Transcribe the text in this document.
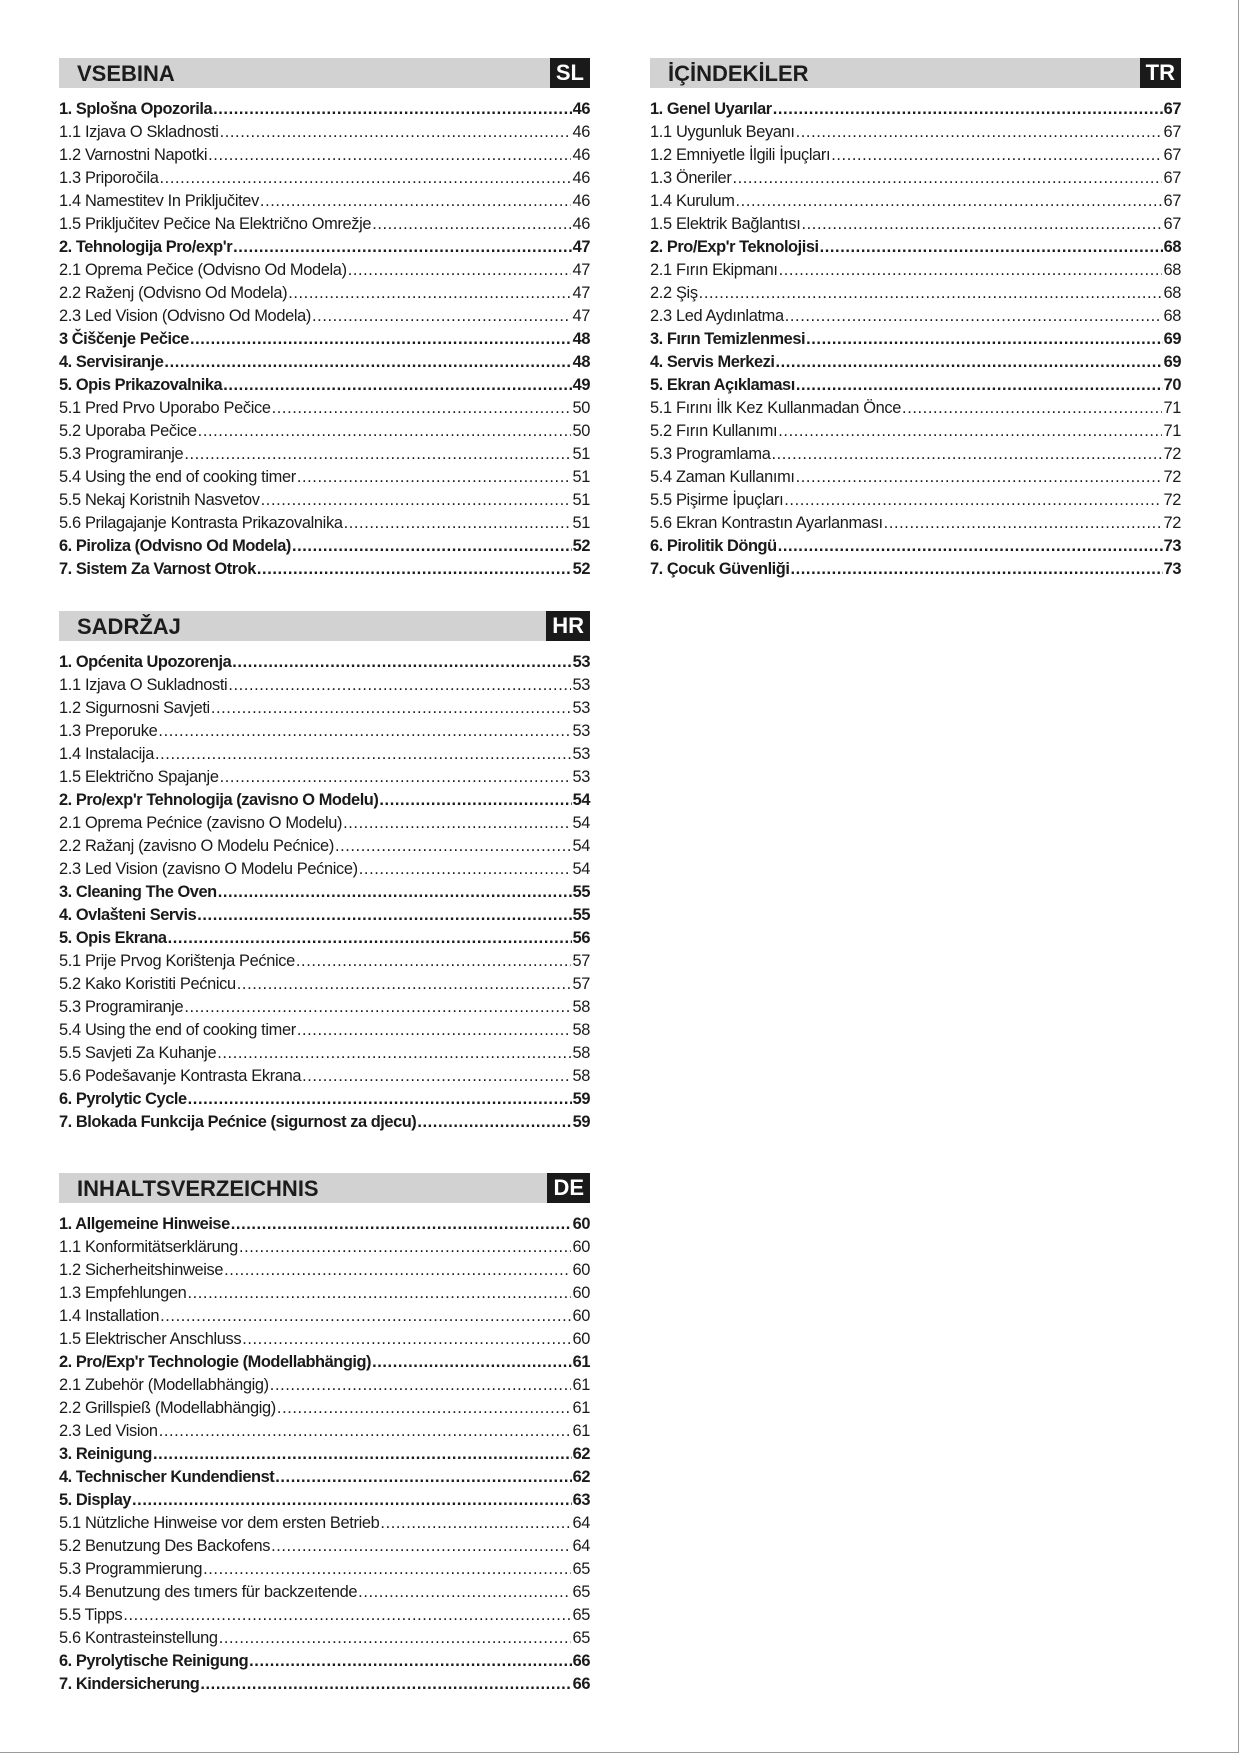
VSEBINA	SL
1. Splošna Opozorila .....	46
1.1 Izjava O Skladnosti .....	46
1.2 Varnostni Napotki .....	46
1.3 Priporočila .....	46
1.4 Namestitev In Priključitev .....	46
1.5 Priključitev Pečice Na Električno Omrežje .....	46
2. Tehnologija Pro/exp'r .....	47
2.1 Oprema Pečice (Odvisno Od Modela) .....	47
2.2 Raženj (Odvisno Od Modela) .....	47
2.3 Led Vision (Odvisno Od Modela) .....	47
3 Čiščenje Pečice .....	48
4. Servisiranje .....	48
5. Opis Prikazovalnika .....	49
5.1 Pred Prvo Uporabo Pečice .....	50
5.2 Uporaba Pečice .....	50
5.3 Programiranje .....	51
5.4 Using the end of cooking timer .....	51
5.5 Nekaj Koristnih Nasvetov .....	51
5.6 Prilagajanje Kontrasta Prikazovalnika .....	51
6. Piroliza (Odvisno Od Modela) .....	52
7. Sistem Za Varnost Otrok .....	52
İÇİNDEKİLER	TR
1. Genel Uyarılar .....	67
1.1 Uygunluk Beyanı .....	67
1.2 Emniyetle İlgili İpuçları .....	67
1.3 Öneriler .....	67
1.4 Kurulum .....	67
1.5 Elektrik Bağlantısı .....	67
2. Pro/Exp'r Teknolojisi .....	68
2.1 Fırın Ekipmanı .....	68
2.2 Şiş .....	68
2.3 Led Aydınlatma .....	68
3. Fırın Temizlenmesi .....	69
4. Servis Merkezi .....	69
5. Ekran Açıklaması .....	70
5.1 Fırını İlk Kez Kullanmadan Önce .....	71
5.2 Fırın Kullanımı .....	71
5.3 Programlama .....	72
5.4 Zaman Kullanımı .....	72
5.5 Pişirme İpuçları .....	72
5.6 Ekran Kontrastın Ayarlanması .....	72
6. Pirolitik Döngü .....	73
7. Çocuk Güvenliği .....	73
SADRŽAJ	HR
1. Općenita Upozorenja .....	53
1.1 Izjava O Sukladnosti .....	53
1.2 Sigurnosni Savjeti .....	53
1.3 Preporuke .....	53
1.4 Instalacija .....	53
1.5 Električno Spajanje .....	53
2. Pro/exp'r Tehnologija (zavisno O Modelu) .....	54
2.1 Oprema Pećnice (zavisno O Modelu) .....	54
2.2 Ražanj (zavisno O Modelu Pećnice) .....	54
2.3 Led Vision (zavisno O Modelu Pećnice) .....	54
3. Cleaning The Oven .....	55
4. Ovlašteni Servis .....	55
5. Opis Ekrana .....	56
5.1 Prije Prvog Korištenja Pećnice .....	57
5.2 Kako Koristiti Pećnicu .....	57
5.3 Programiranje .....	58
5.4 Using the end of cooking timer .....	58
5.5 Savjeti Za Kuhanje .....	58
5.6 Podešavanje Kontrasta Ekrana .....	58
6. Pyrolytic Cycle .....	59
7. Blokada Funkcija Pećnice (sigurnost za djecu) .....	59
INHALTSVERZEICHNIS	DE
1. Allgemeine Hinweise .....	60
1.1 Konformitätserklärung .....	60
1.2 Sicherheitshinweise .....	60
1.3 Empfehlungen .....	60
1.4 Installation .....	60
1.5 Elektrischer Anschluss .....	60
2. Pro/Exp'r Technologie (Modellabhängig) .....	61
2.1 Zubehör (Modellabhängig) .....	61
2.2 Grillspieß (Modellabhängig) .....	61
2.3 Led Vision .....	61
3. Reinigung .....	62
4. Technischer Kundendienst .....	62
5. Display .....	63
5.1 Nützliche Hinweise vor dem ersten Betrieb .....	64
5.2 Benutzung Des Backofens .....	64
5.3 Programmierung .....	65
5.4 Benutzung des tımers für backzeıtende .....	65
5.5 Tipps .....	65
5.6 Kontrasteinstellung .....	65
6. Pyrolytische Reinigung .....	66
7. Kindersicherung .....	66
